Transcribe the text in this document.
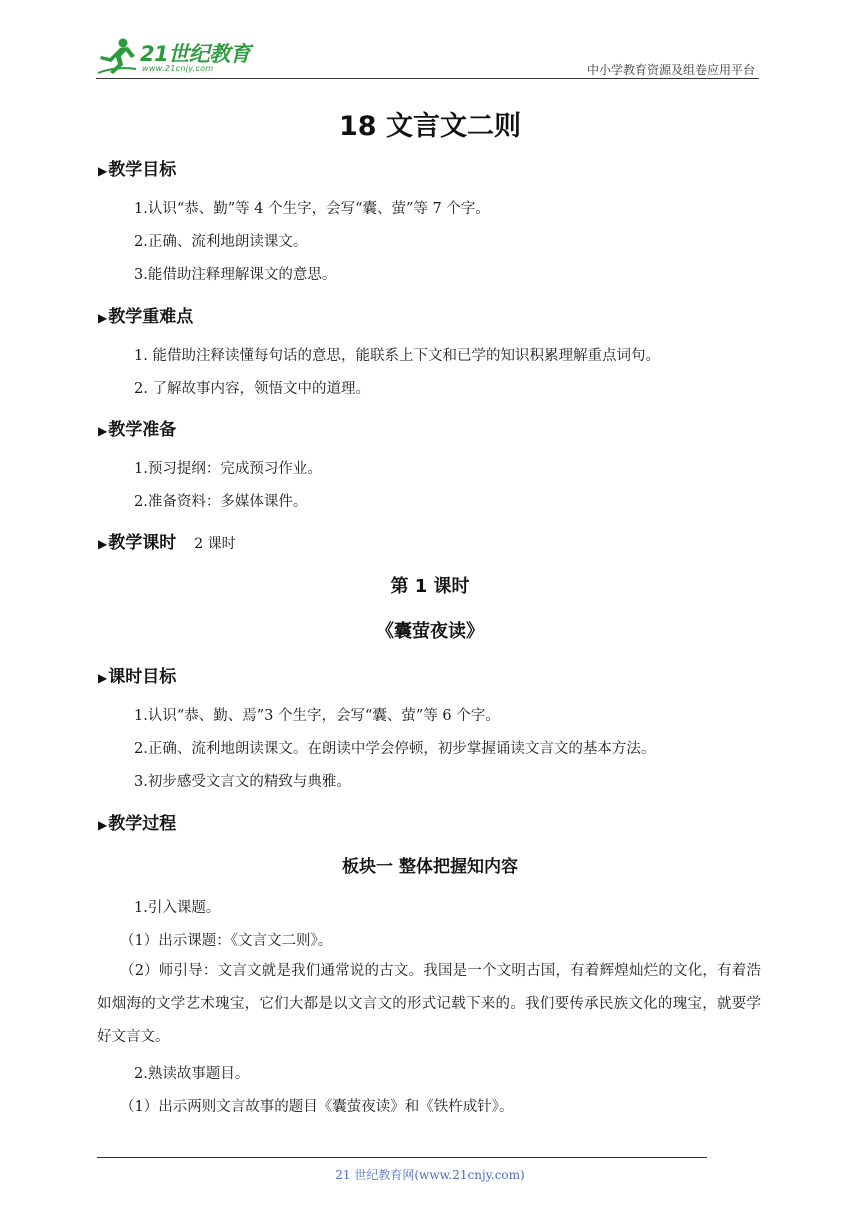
21世纪教育
www.21cnjy.com	中小学教育资源及组卷应用平台
18 文言文二则
▶教学目标
1.认识“恭、勤”等 4 个生字，会写“囊、萤”等 7 个字。
2.正确、流利地朗读课文。
3.能借助注释理解课文的意思。
▶教学重难点
1. 能借助注释读懂每句话的意思，能联系上下文和已学的知识积累理解重点词句。
2. 了解故事内容，领悟文中的道理。
▶教学准备
1.预习提纲：完成预习作业。
2.准备资料：多媒体课件。
▶教学课时 2 课时
第 1 课时
《囊萤夜读》
▶课时目标
1.认识“恭、勤、焉”3 个生字，会写“囊、萤”等 6 个字。
2.正确、流利地朗读课文。在朗读中学会停顿，初步掌握诵读文言文的基本方法。
3.初步感受文言文的精致与典雅。
▶教学过程
板块一 整体把握知内容
1.引入课题。
（1）出示课题：《文言文二则》。
（2）师引导：文言文就是我们通常说的古文。我国是一个文明古国，有着辉煌灿烂的文化，有着浩如烟海的文学艺术瑰宝，它们大都是以文言文的形式记载下来的。我们要传承民族文化的瑰宝，就要学好文言文。
2.熟读故事题目。
（1）出示两则文言故事的题目《囊萤夜读》和《铁杵成针》。
21 世纪教育网(www.21cnjy.com)
